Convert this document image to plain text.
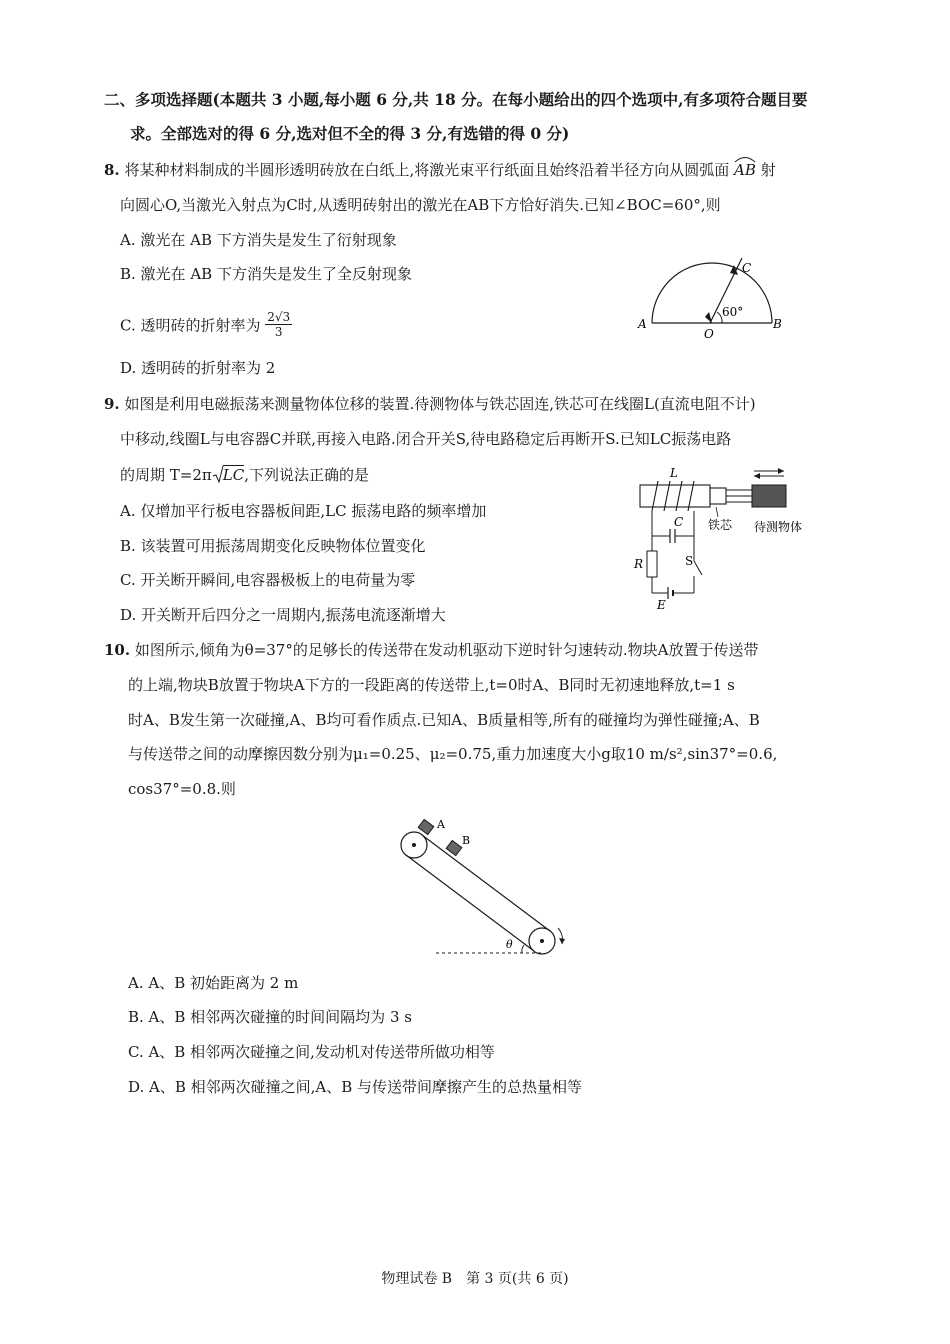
二、多项选择题(本题共 3 小题,每小题 6 分,共 18 分。在每小题给出的四个选项中,有多项符合题目要
求。全部选对的得 6 分,选对但不全的得 3 分,有选错的得 0 分)
8. 将某种材料制成的半圆形透明砖放在白纸上,将激光束平行纸面且始终沿着半径方向从圆弧面 AB 射
向圆心O,当激光入射点为C时,从透明砖射出的激光在AB下方恰好消失.已知∠BOC=60°,则
A. 激光在 AB 下方消失是发生了衍射现象
B. 激光在 AB 下方消失是发生了全反射现象
C. 透明砖的折射率为 $\frac{2√3}{3}$
D. 透明砖的折射率为 2
A
O
B
C
60°
9. 如图是利用电磁振荡来测量物体位移的装置.待测物体与铁芯固连,铁芯可在线圈L(直流电阻不计)
中移动,线圈L与电容器C并联,再接入电路.闭合开关S,待电路稳定后再断开S.已知LC振荡电路
的周期 T=2π LC,下列说法正确的是
A. 仅增加平行板电容器板间距,LC 振荡电路的频率增加
B. 该装置可用振荡周期变化反映物体位置变化
C. 开关断开瞬间,电容器极板上的电荷量为零
D. 开关断开后四分之一周期内,振荡电流逐渐增大
L
C
R	S
E
铁芯 待测物体
10. 如图所示,倾角为θ=37°的足够长的传送带在发动机驱动下逆时针匀速转动.物块A放置于传送带
的上端,物块B放置于物块A下方的一段距离的传送带上,t=0时A、B同时无初速地释放,t=1 s
时A、B发生第一次碰撞,A、B均可看作质点.已知A、B质量相等,所有的碰撞均为弹性碰撞;A、B
与传送带之间的动摩擦因数分别为μ₁=0.25、μ₂=0.75,重力加速度大小g取10 m/s²,sin37°=0.6,
cos37°=0.8.则
A
B
θ
A. A、B 初始距离为 2 m
B. A、B 相邻两次碰撞的时间间隔均为 3 s
C. A、B 相邻两次碰撞之间,发动机对传送带所做功相等
D. A、B 相邻两次碰撞之间,A、B 与传送带间摩擦产生的总热量相等
物理试卷 B　第 3 页(共 6 页)
